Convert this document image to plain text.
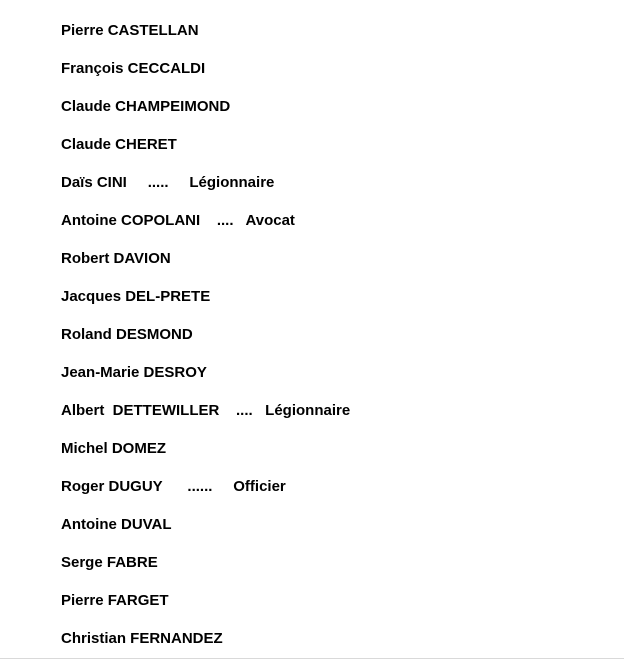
Pierre CASTELLAN
François CECCALDI
Claude CHAMPEIMOND
Claude CHERET
Daïs CINI     .....     Légionnaire
Antoine COPOLANI    ....   Avocat
Robert DAVION
Jacques DEL-PRETE
Roland DESMOND
Jean-Marie DESROY
Albert  DETTEWILLER    ....   Légionnaire
Michel DOMEZ
Roger DUGUY      ......     Officier
Antoine DUVAL
Serge FABRE
Pierre FARGET
Christian FERNANDEZ
